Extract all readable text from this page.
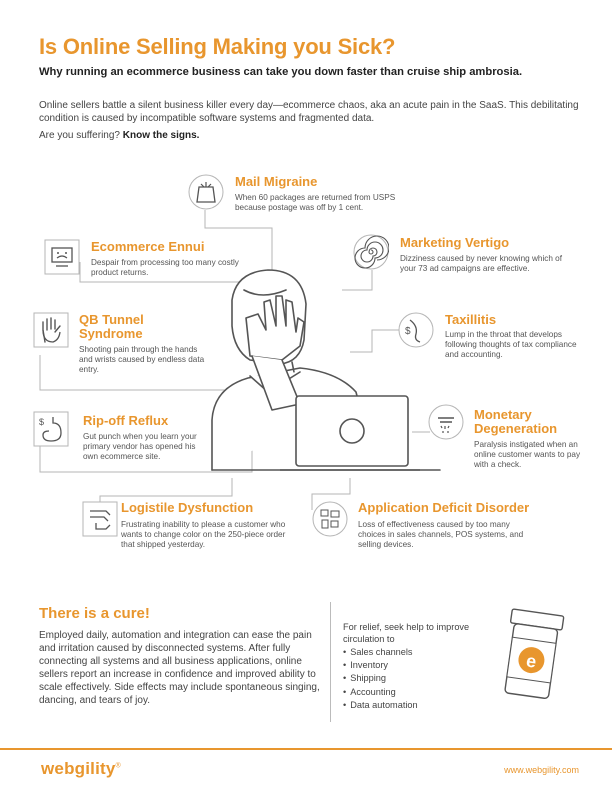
Is Online Selling Making you Sick?
Why running an ecommerce business can take you down faster than cruise ship ambrosia.
Online sellers battle a silent business killer every day—ecommerce chaos, aka an acute pain in the SaaS. This debilitating condition is caused by incompatible software systems and fragmented data.
Are you suffering? Know the signs.
Mail Migraine
When 60 packages are returned from USPS because postage was off by 1 cent.
Ecommerce Ennui
Despair from processing too many costly product returns.
Marketing Vertigo
Dizziness caused by never knowing which of your 73 ad campaigns are effective.
QB Tunnel
Syndrome
Shooting pain through the hands and wrists caused by endless data entry.
$
Taxillitis
Lump in the throat that develops following thoughts of tax compliance and accounting.
$	Rip-off Reflux
Gut punch when you learn your primary vendor has opened his own ecommerce site.
Monetary
Degeneration
Paralysis instigated when an online customer wants to pay with a check.
Logistile Dysfunction
Frustrating inability to please a customer who wants to change color on the 250-piece order that shipped yesterday.
Application Deficit Disorder
Loss of effectiveness caused by too many choices in sales channels, POS systems, and selling devices.
There is a cure!
Employed daily, automation and integration can ease the pain and irritation caused by disconnected systems. After fully connecting all systems and all business applications, online sellers report an increase in confidence and improved ability to scale effectively. Side effects may include spontaneous singing, dancing, and tears of joy.
For relief, seek help to improve circulation to
• Sales channels
• Inventory
• Shipping
• Accounting
• Data automation
e
webgility®	www.webgility.com
